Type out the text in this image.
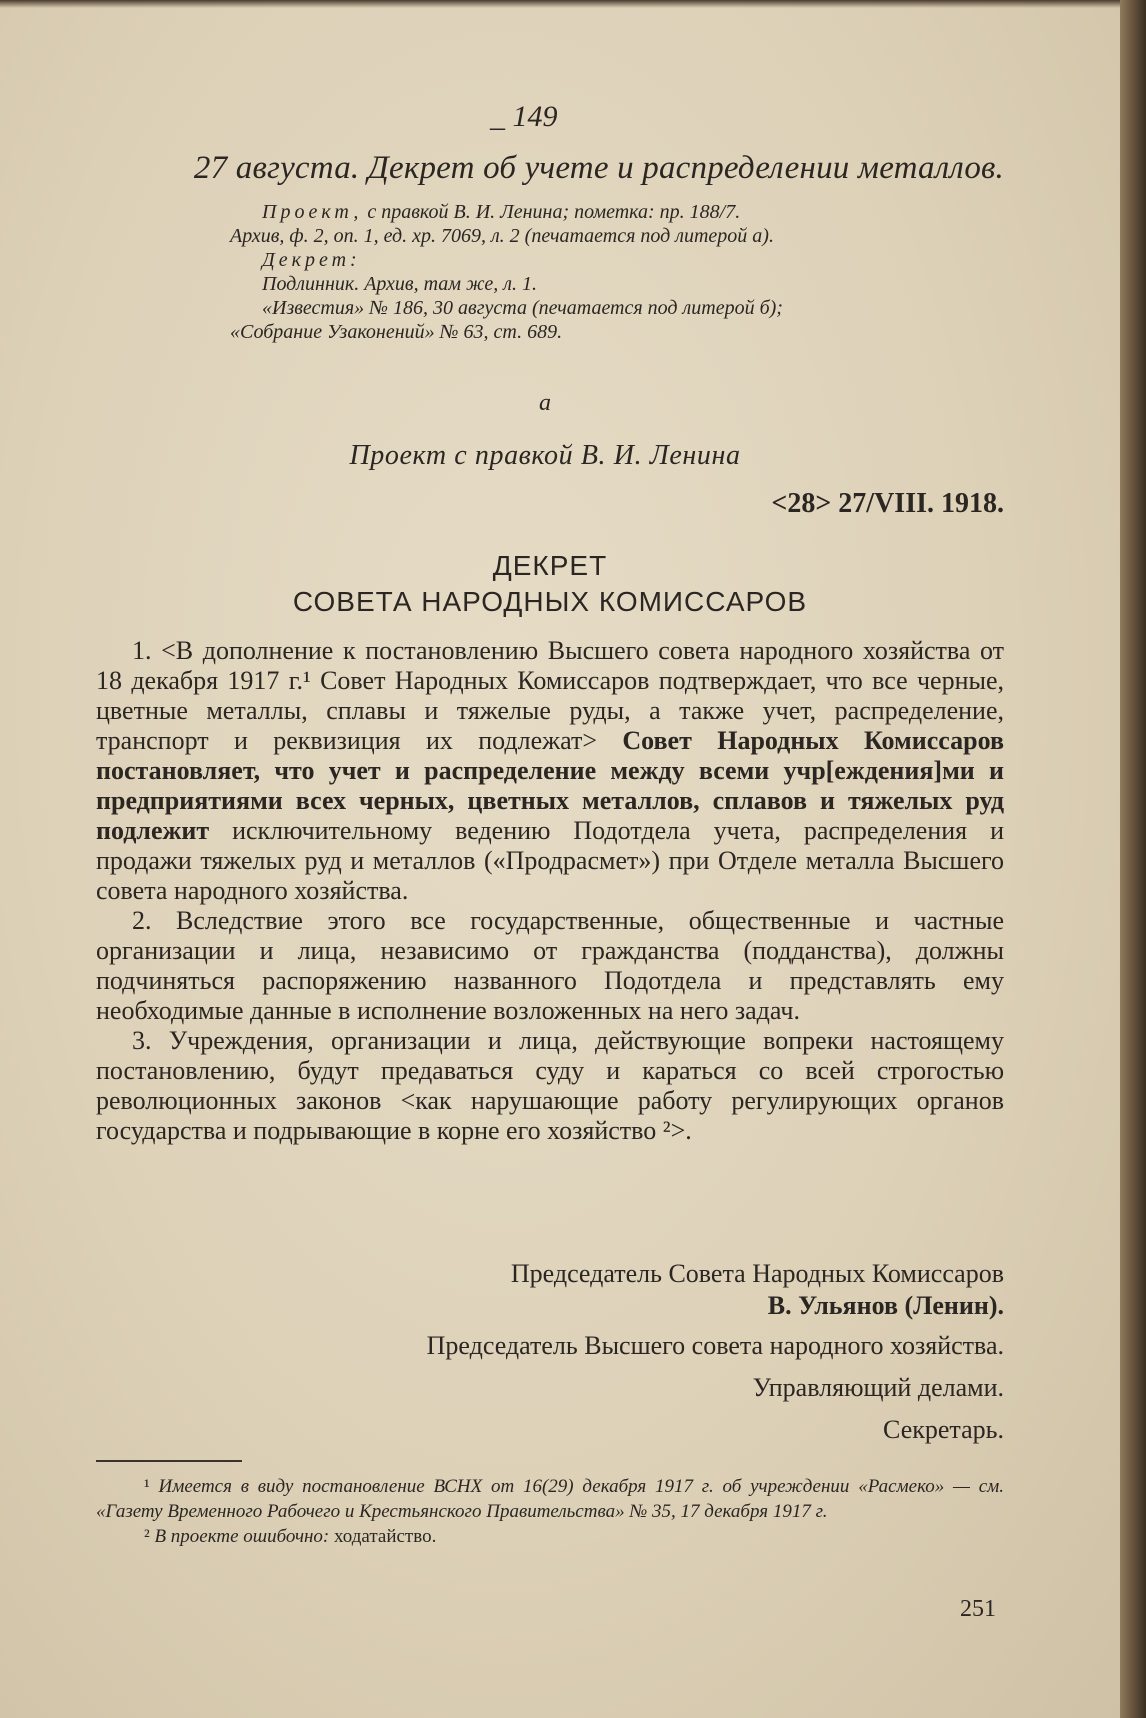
_ 149
27 августа. Декрет об учете и распределении металлов.
Проект, с правкой В. И. Ленина; пометка: пр. 188/7.
Архив, ф. 2, оп. 1, ед. хр. 7069, л. 2 (печатается под литерой а).
Декрет:
Подлинник. Архив, там же, л. 1.
«Известия» № 186, 30 августа (печатается под литерой б);
«Собрание Узаконений» № 63, ст. 689.
а
Проект с правкой В. И. Ленина
<28> 27/VIII. 1918.
ДЕКРЕТ
СОВЕТА НАРОДНЫХ КОМИССАРОВ

1. <В дополнение к постановлению Высшего совета народного хозяйства от 18 декабря 1917 г.¹ Совет Народных Комиссаров подтверждает, что все черные, цветные металлы, сплавы и тяжелые руды, а также учет, распределение, транспорт и реквизиция их подлежат> Совет Народных Комиссаров постановляет, что учет и распределение между всеми учр[еждения]ми и предприятиями всех черных, цветных металлов, сплавов и тяжелых руд подлежит исключительному ведению Подотдела учета, распределения и продажи тяжелых руд и металлов («Продрасмет») при Отделе металла Высшего совета народного хозяйства.

2. Вследствие этого все государственные, общественные и частные организации и лица, независимо от гражданства (подданства), должны подчиняться распоряжению названного Подотдела и представлять ему необходимые данные в исполнение возложенных на него задач.

3. Учреждения, организации и лица, действующие вопреки настоящему постановлению, будут предаваться суду и караться со всей строгостью революционных законов <как нарушающие работу регулирующих органов государства и подрывающие в корне его хозяйство ²>.

Председатель Совета Народных Комиссаров
В. Ульянов (Ленин).
Председатель Высшего совета народного хозяйства.
Управляющий делами.
Секретарь.

¹ Имеется в виду постановление ВСНХ от 16(29) декабря 1917 г. об учреждении «Расмеко» — см. «Газету Временного Рабочего и Крестьянского Правительства» № 35, 17 декабря 1917 г.

² В проекте ошибочно: ходатайство.

251
